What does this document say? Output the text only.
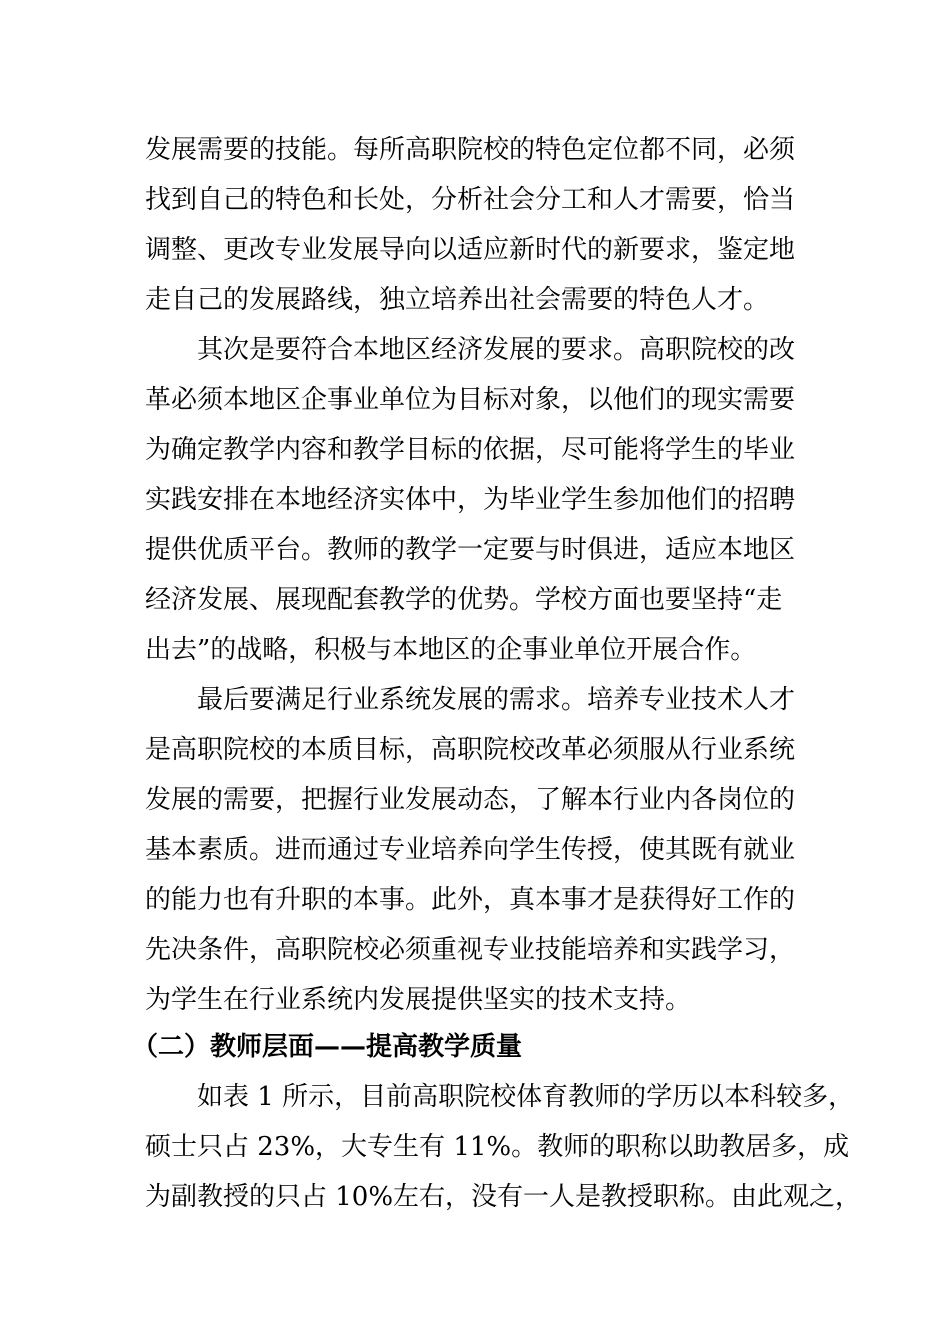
发展需要的技能。每所高职院校的特色定位都不同，必须
找到自己的特色和长处，分析社会分工和人才需要，恰当
调整、更改专业发展导向以适应新时代的新要求，鉴定地
走自己的发展路线，独立培养出社会需要的特色人才。
其次是要符合本地区经济发展的要求。高职院校的改
革必须本地区企事业单位为目标对象，以他们的现实需要
为确定教学内容和教学目标的依据，尽可能将学生的毕业
实践安排在本地经济实体中，为毕业学生参加他们的招聘
提供优质平台。教师的教学一定要与时俱进，适应本地区
经济发展、展现配套教学的优势。学校方面也要坚持“走
出去”的战略，积极与本地区的企事业单位开展合作。
最后要满足行业系统发展的需求。培养专业技术人才
是高职院校的本质目标，高职院校改革必须服从行业系统
发展的需要，把握行业发展动态，了解本行业内各岗位的
基本素质。进而通过专业培养向学生传授，使其既有就业
的能力也有升职的本事。此外，真本事才是获得好工作的
先决条件，高职院校必须重视专业技能培养和实践学习，
为学生在行业系统内发展提供坚实的技术支持。
（二）教师层面——提高教学质量
如表 1 所示，目前高职院校体育教师的学历以本科较多，
硕士只占 23%，大专生有 11%。教师的职称以助教居多，成
为副教授的只占 10%左右，没有一人是教授职称。由此观之，
